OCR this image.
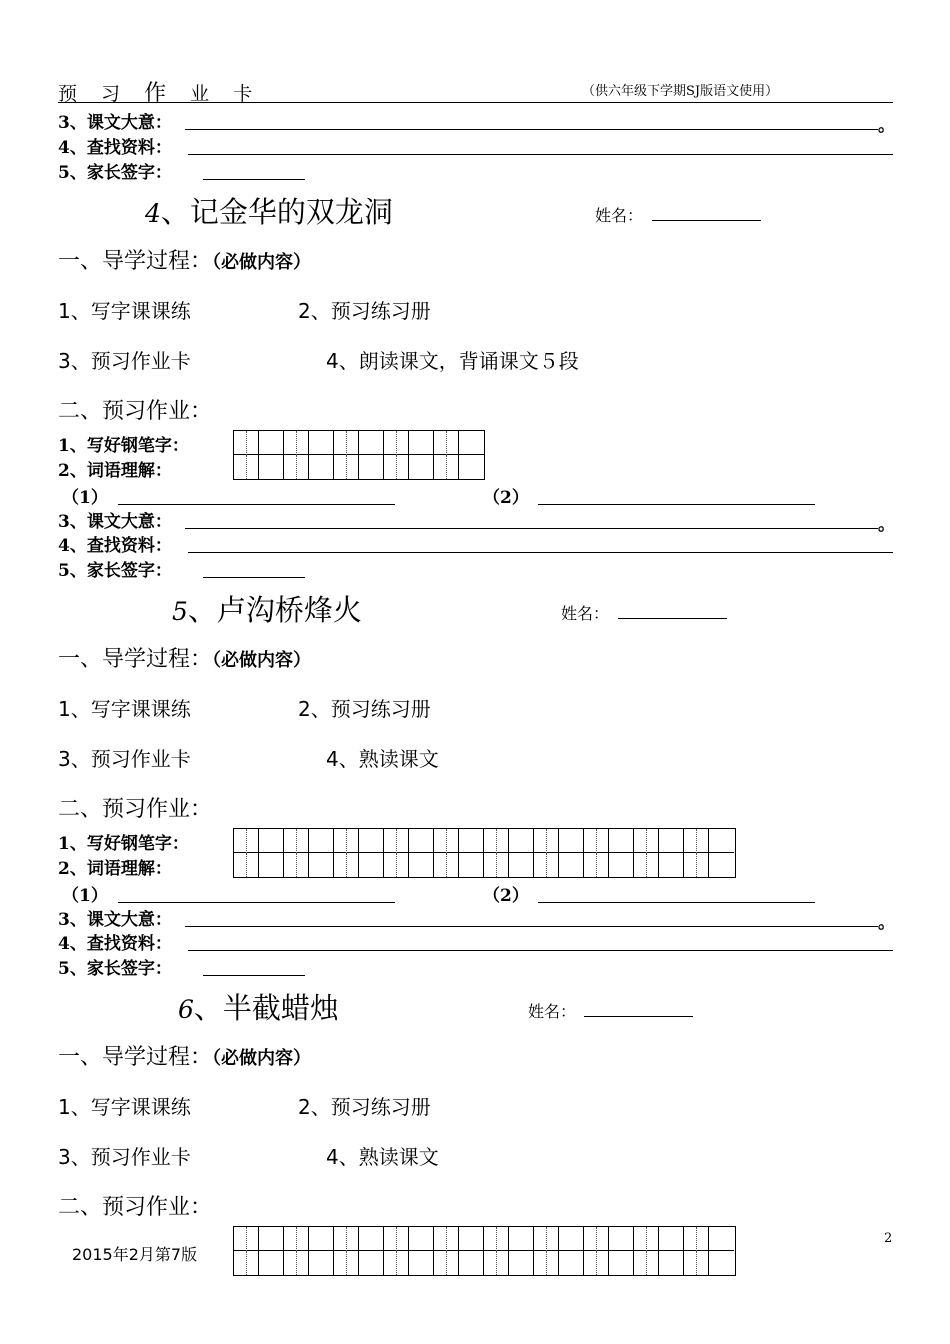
预 习 作 业 卡	（供六年级下学期SJ版语文使用）
3、课文大意：	。
4、查找资料：
5、家长签字：
4、记金华的双龙洞	姓名：
一、导学过程：（必做内容）
1、写字课课练	2、预习练习册
3、预习作业卡	4、朗读课文，背诵课文５段
二、预习作业：
1、写好钢笔字：
2、词语理解：
（1）	（2）
3、课文大意：	。
4、查找资料：
5、家长签字：
5、卢沟桥烽火	姓名：
一、导学过程：（必做内容）
1、写字课课练	2、预习练习册
3、预习作业卡	4、熟读课文
二、预习作业：
1、写好钢笔字：
2、词语理解：
（1）	（2）
3、课文大意：	。
4、查找资料：
5、家长签字：
6、半截蜡烛	姓名：
一、导学过程：（必做内容）
1、写字课课练	2、预习练习册
3、预习作业卡	4、熟读课文
二、预习作业：
2015年2月第7版
2
